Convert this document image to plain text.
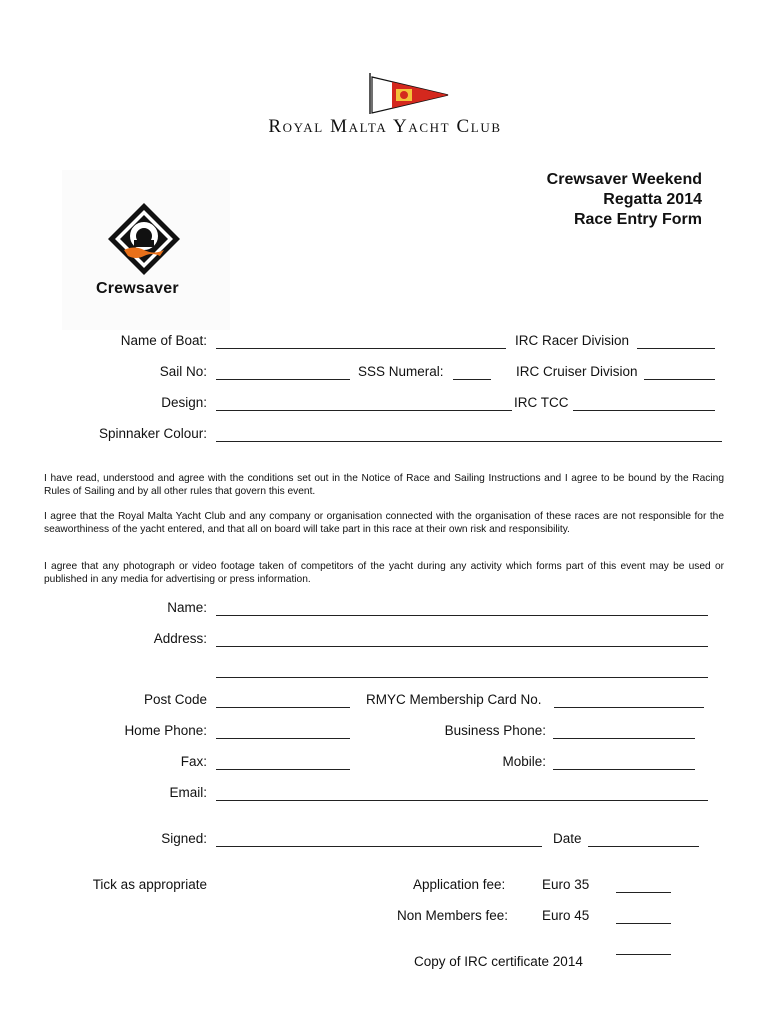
Royal Malta Yacht Club
Crewsaver
Crewsaver Weekend
Regatta 2014
Race Entry Form
Name of Boat:	IRC Racer Division
Sail No:	SSS Numeral:	IRC Cruiser Division
Design:	IRC TCC
Spinnaker Colour:
I have read, understood and agree with the conditions set out in the Notice of Race and Sailing Instructions and I agree to be bound by the Racing Rules of Sailing and by all other rules that govern this event.
I agree that the Royal Malta Yacht Club and any company or organisation connected with the organisation of these races are not responsible for the seaworthiness of the yacht entered, and that all on board will take part in this race at their own risk and responsibility.
I agree that any photograph or video footage taken of competitors of the yacht during any activity which forms part of this event may be used or published in any media for advertising or press information.
Name:
Address:
Post Code	RMYC Membership Card No.
Home Phone:	Business Phone:
Fax:	Mobile:
Email:
Signed:	Date
Tick as appropriate	Application fee:	Euro 35
Non Members fee:	Euro 45
Copy of IRC certificate 2014
